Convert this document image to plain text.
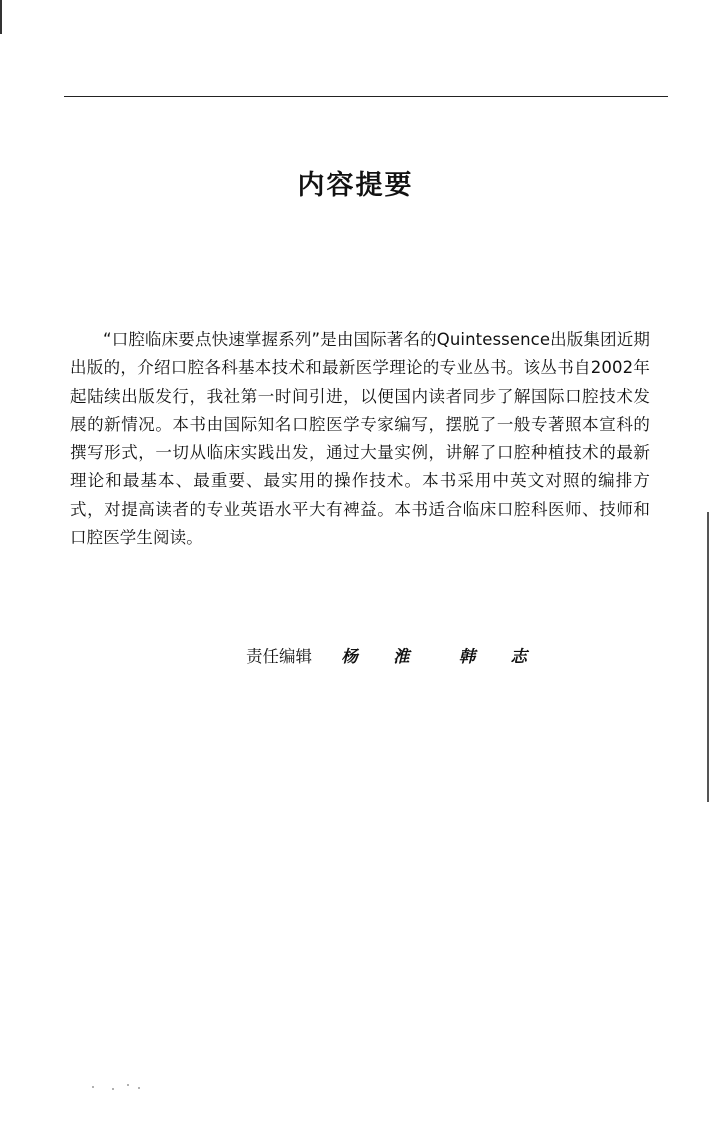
内容提要

“口腔临床要点快速掌握系列”是由国际著名的Quintessence出版集团近期出版的，介绍口腔各科基本技术和最新医学理论的专业丛书。该丛书自2002年起陆续出版发行，我社第一时间引进，以便国内读者同步了解国际口腔技术发展的新情况。本书由国际知名口腔医学专家编写，摆脱了一般专著照本宣科的撰写形式，一切从临床实践出发，通过大量实例，讲解了口腔种植技术的最新理论和最基本、最重要、最实用的操作技术。本书采用中英文对照的编排方式，对提高读者的专业英语水平大有裨益。本书适合临床口腔科医师、技师和口腔医学生阅读。

责任编辑 杨 淮	韩 志
